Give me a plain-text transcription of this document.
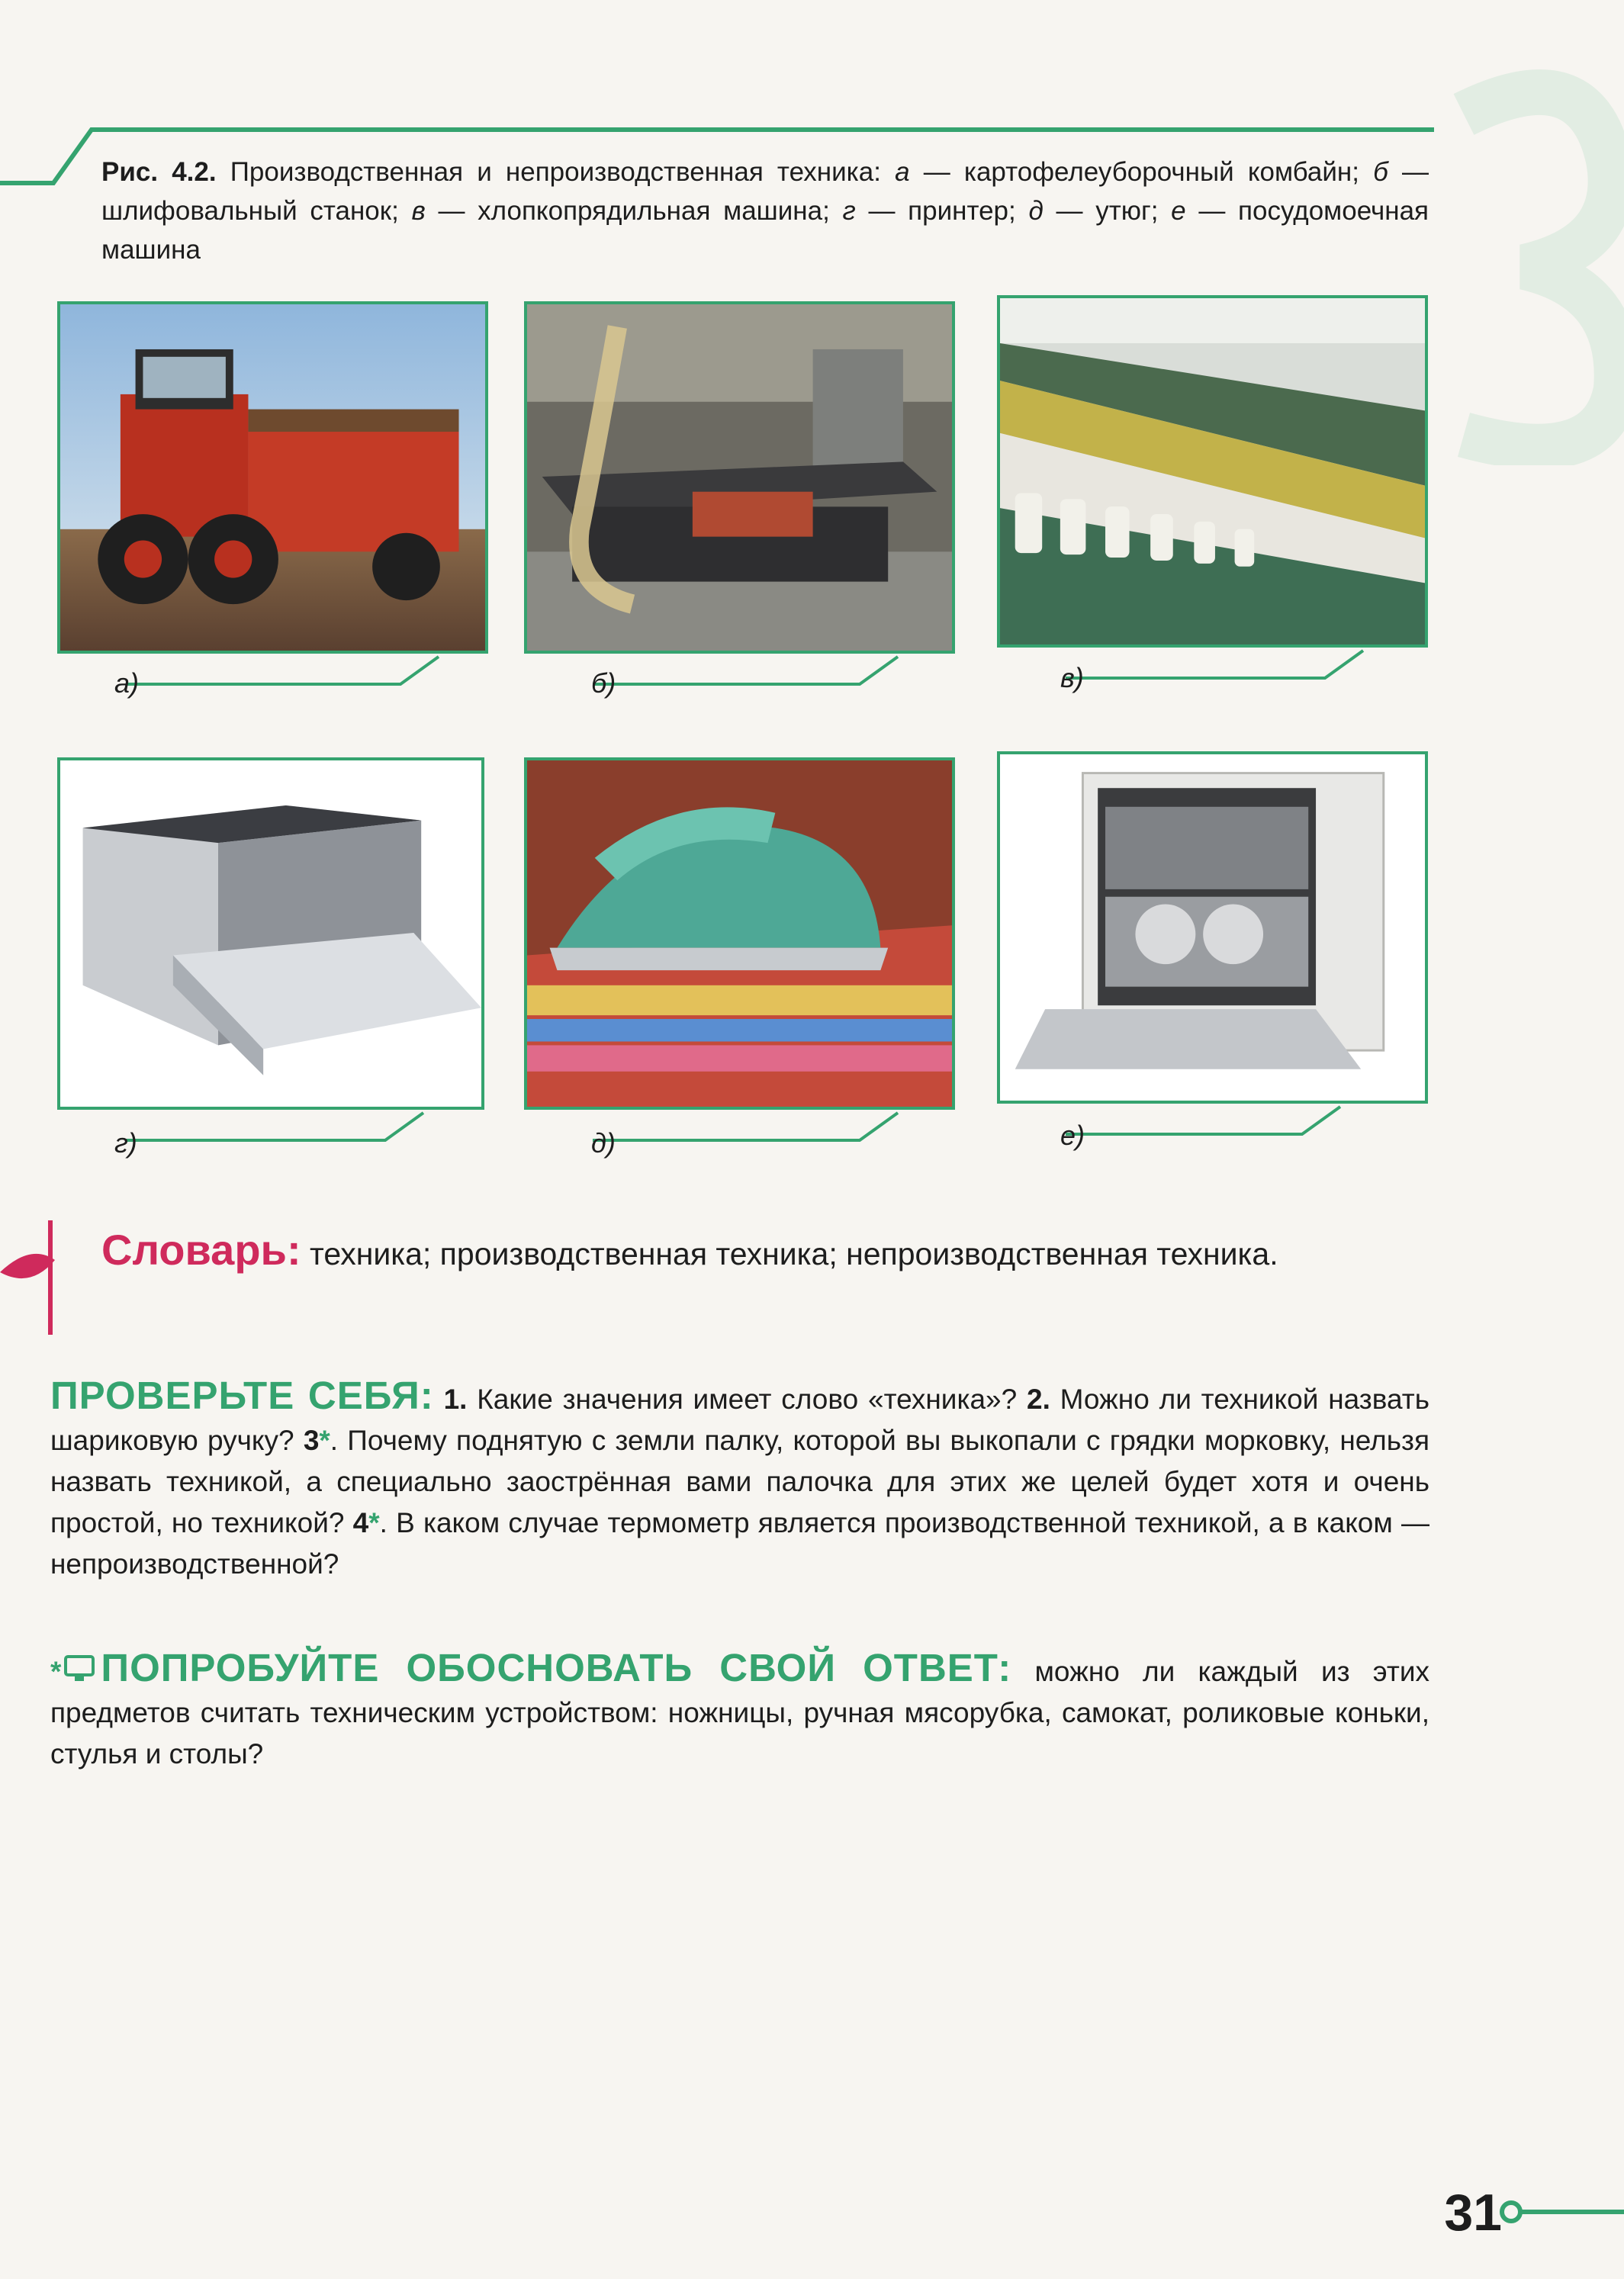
Рис. 4.2. Производственная и непроизводственная техника: а — картофелеуборочный комбайн; б — шлифовальный станок; в — хлопкопрядильная машина; г — принтер; д — утюг; е — посудомоечная машина
а)	б)	в)
г)	д)	е)
Словарь: техника; производственная техника; непроизводственная техника.
ПРОВЕРЬТЕ СЕБЯ: 1. Какие значения имеет слово «техника»? 2. Можно ли техникой назвать шариковую ручку? 3*. Почему поднятую с земли палку, которой вы выкопали с грядки морковку, нельзя назвать техникой, а специально заострённая вами палочка для этих же целей будет хотя и очень простой, но техникой? 4*. В каком случае термометр является производственной техникой, а в каком — непроизводственной?
* ПОПРОБУЙТЕ ОБОСНОВАТЬ СВОЙ ОТВЕТ: можно ли каждый из этих предметов считать техническим устройством: ножницы, ручная мясорубка, самокат, роликовые коньки, стулья и столы?
31
